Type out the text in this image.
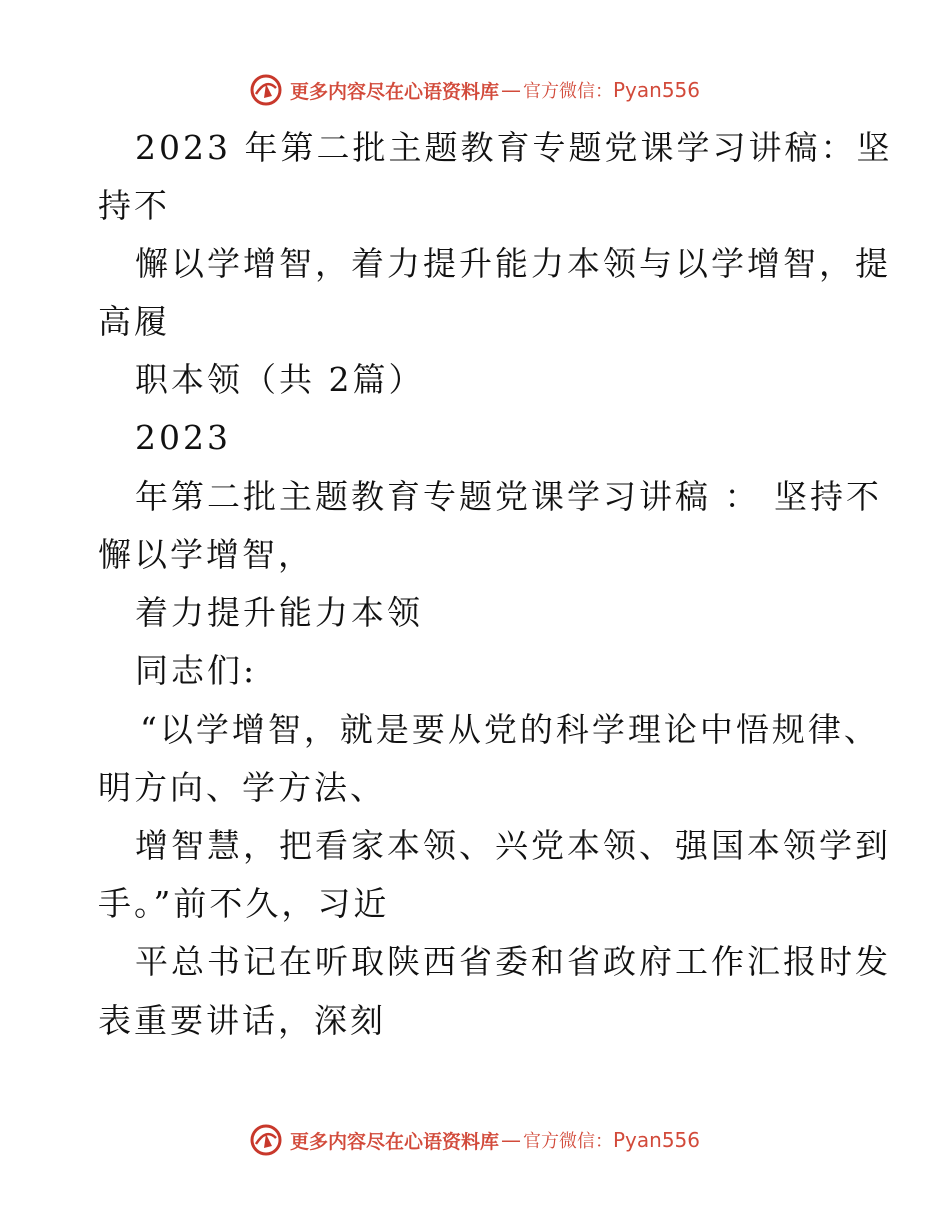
更多内容尽在心语资料库 — 官方微信： Pyan556
2023 年第二批主题教育专题党课学习讲稿：坚
持不
懈以学增智，着力提升能力本领与以学增智，提
高履
职本领（共 2篇）
2023
年第二批主题教育专题党课学习讲稿 ： 坚持不
懈以学增智，
着力提升能力本领
同志们:
“以学增智，就是要从党的科学理论中悟规律、
明方向、学方法、
增智慧，把看家本领、兴党本领、强国本领学到
手。”前不久，习近
平总书记在听取陕西省委和省政府工作汇报时发
表重要讲话，深刻
更多内容尽在心语资料库 — 官方微信： Pyan556
